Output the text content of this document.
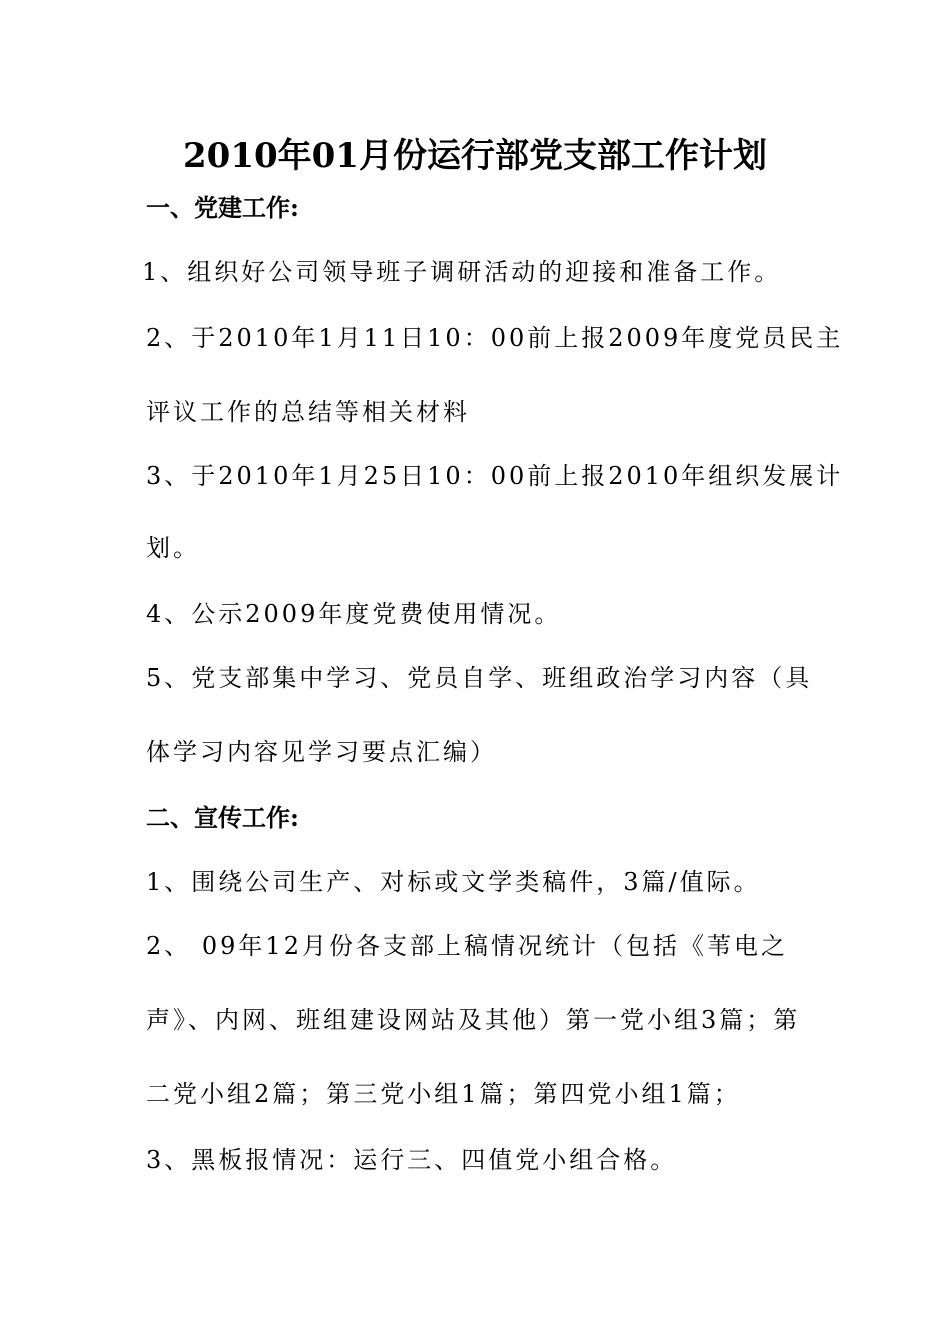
2010年01月份运行部党支部工作计划
一、党建工作:
1、组织好公司领导班子调研活动的迎接和准备工作。
2、于2010年1月11日10：00前上报2009年度党员民主
评议工作的总结等相关材料
3、于2010年1月25日10：00前上报2010年组织发展计
划。
4、公示2009年度党费使用情况。
5、党支部集中学习、党员自学、班组政治学习内容（具
体学习内容见学习要点汇编）
二、宣传工作:
1、围绕公司生产、对标或文学类稿件，3篇/值际。
2、 09年12月份各支部上稿情况统计（包括《苇电之
声》、内网、班组建设网站及其他）第一党小组3篇；第
二党小组2篇；第三党小组1篇；第四党小组1篇；
3、黑板报情况：运行三、四值党小组合格。
